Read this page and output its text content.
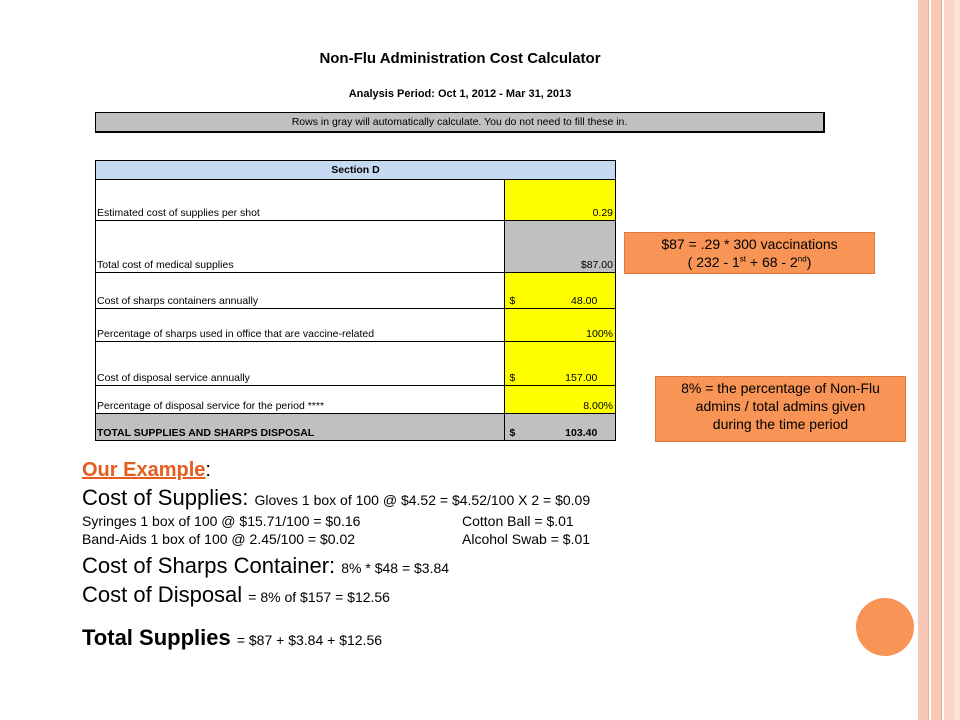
Non-Flu Administration Cost Calculator
Analysis Period: Oct 1, 2012 - Mar 31, 2013
Rows in gray will automatically calculate. You do not need to fill these in.
Section D	
Estimated cost of supplies per shot	0.29
Total cost of medical supplies	$87.00
Cost of sharps containers annually	$ 48.00
Percentage of sharps used in office that are vaccine-related	100%
Cost of disposal service annually	$ 157.00
Percentage of disposal service for the period ****	8.00%
TOTAL SUPPLIES AND SHARPS DISPOSAL	$ 103.40
$87 = .29 * 300 vaccinations
( 232 - 1st + 68 - 2nd)
8% = the percentage of Non-Flu
admins / total admins given
during the time period
Our Example:
Cost of Supplies: Gloves 1 box of 100 @ $4.52 = $4.52/100 X 2 = $0.09
Syringes 1 box of 100 @ $15.71/100 = $0.16	Cotton Ball = $.01
Band-Aids 1 box of 100 @ 2.45/100 = $0.02	Alcohol Swab = $.01
Cost of Sharps Container: 8% * $48 = $3.84
Cost of Disposal = 8% of $157 = $12.56
Total Supplies = $87 + $3.84 + $12.56
